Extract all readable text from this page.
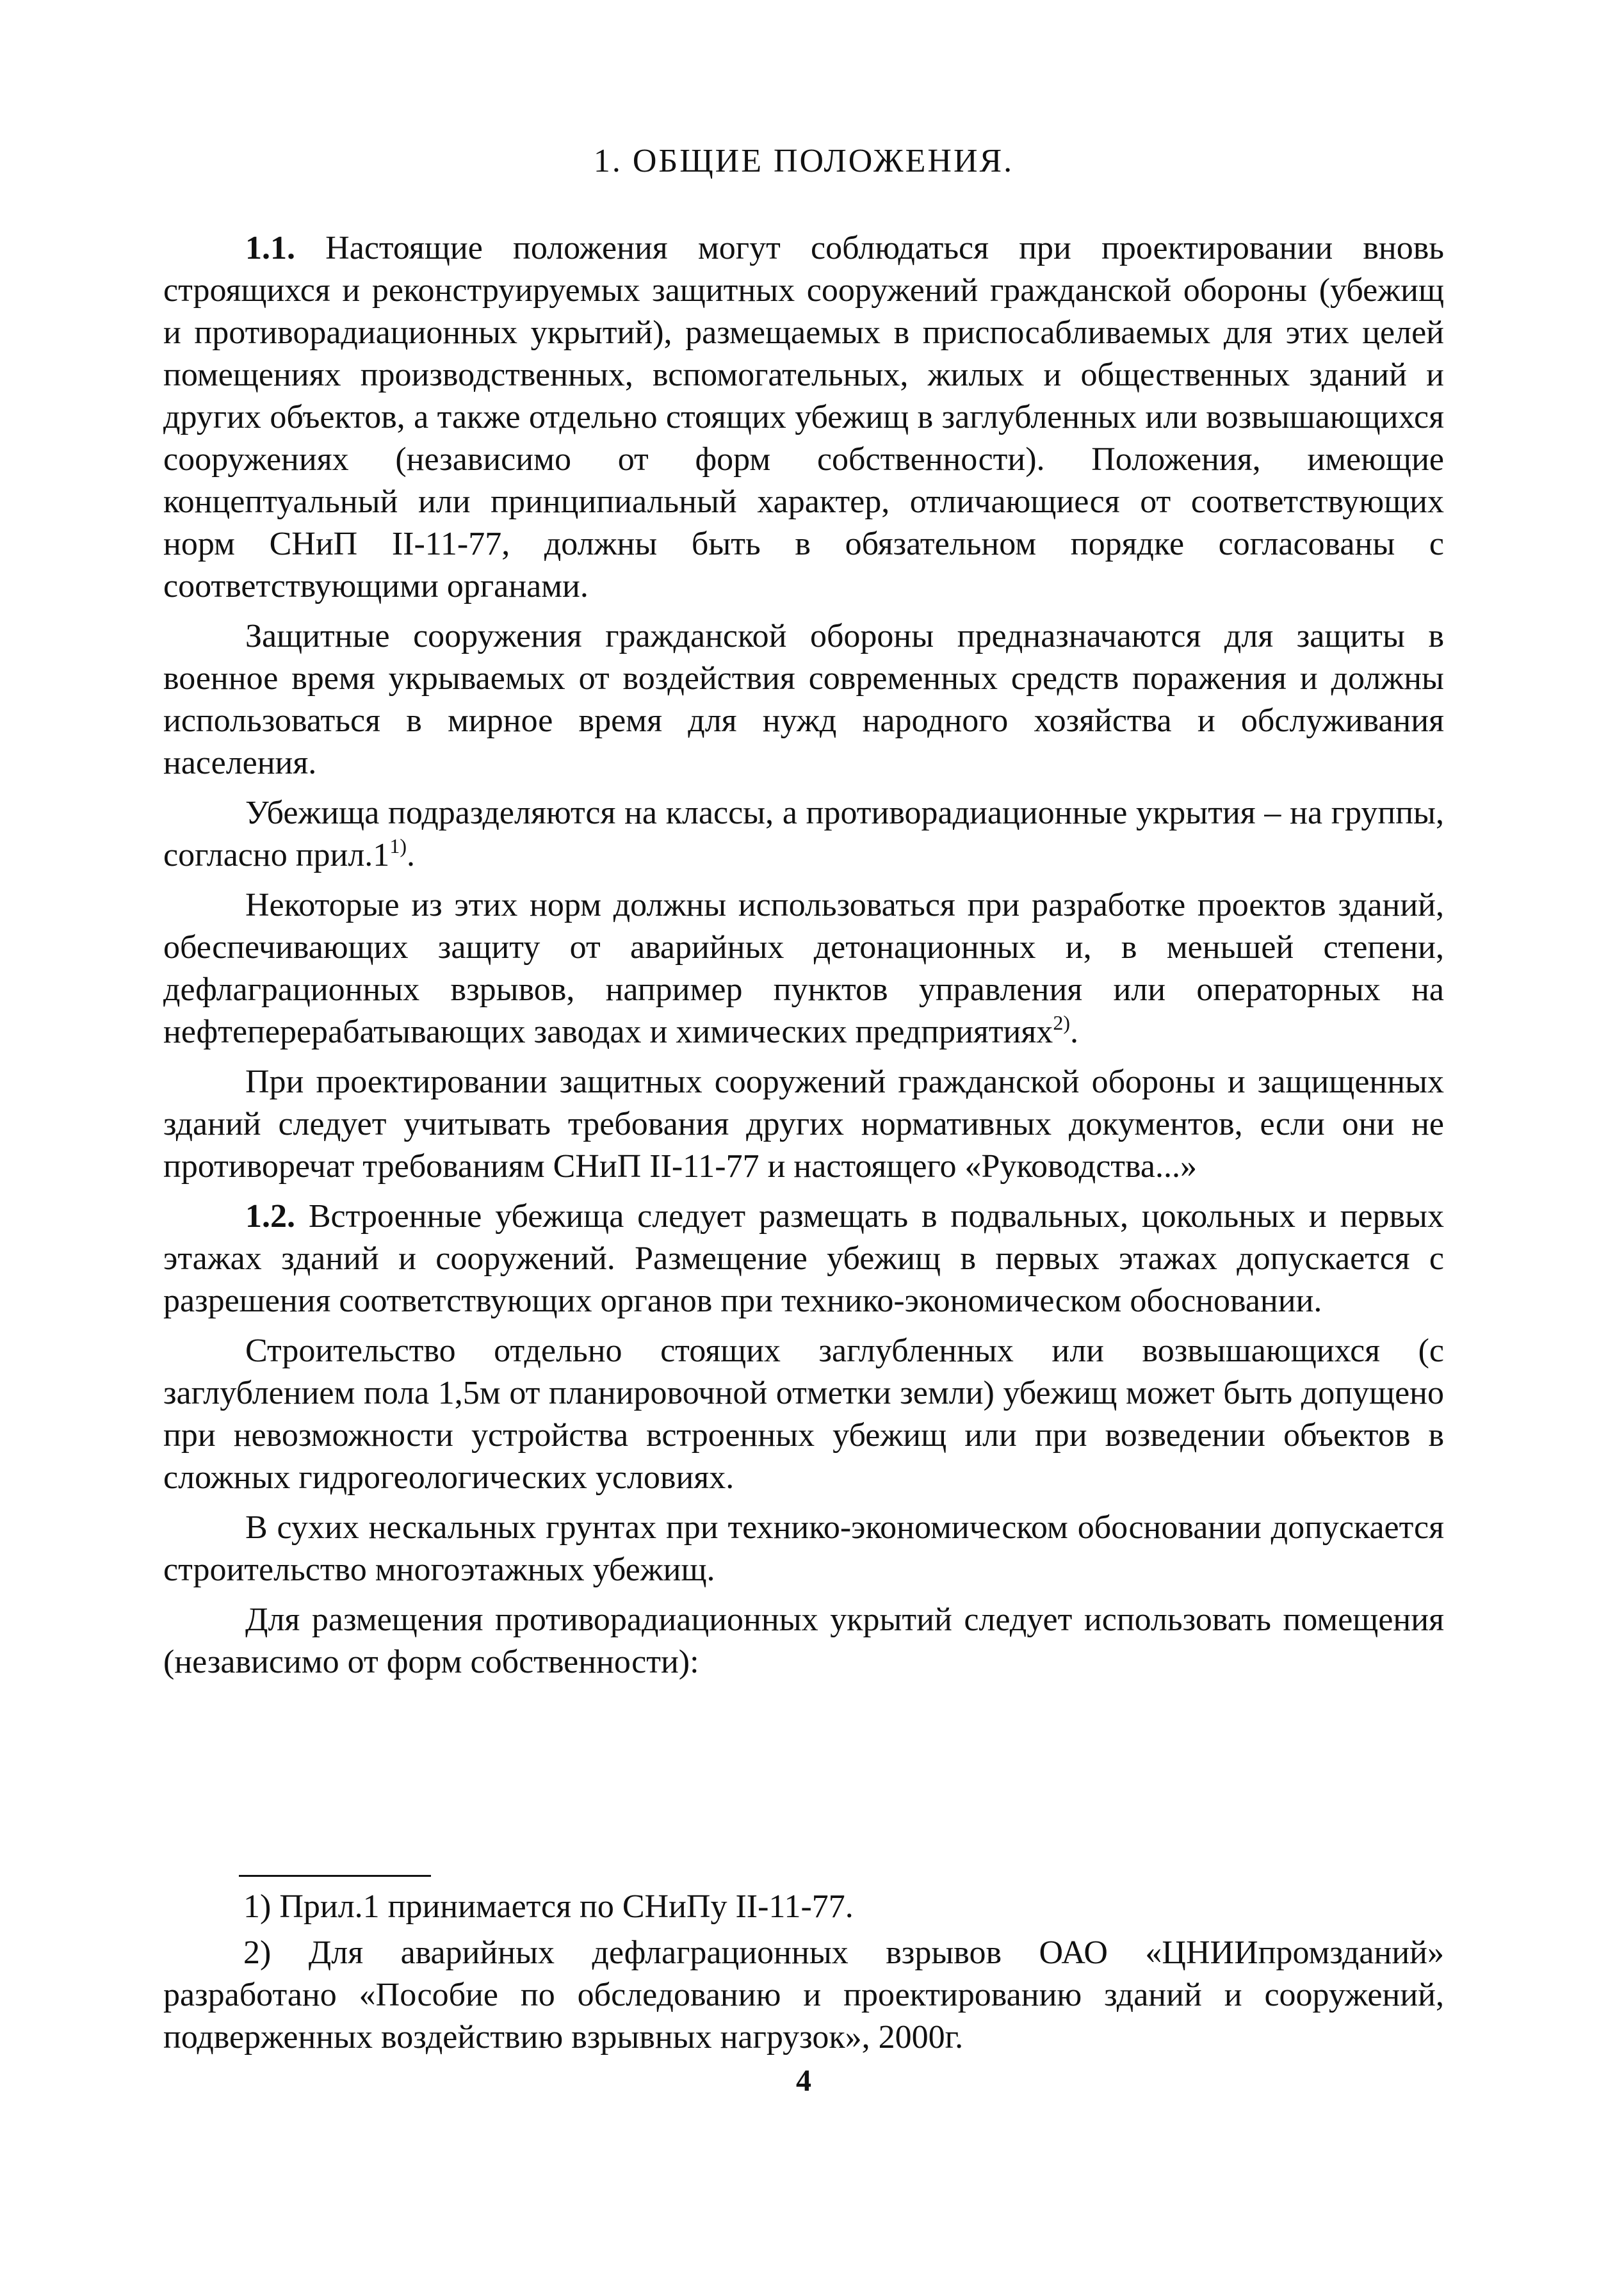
1. ОБЩИЕ ПОЛОЖЕНИЯ.

1.1. Настоящие положения могут соблюдаться при проектировании вновь строящихся и реконструируемых защитных сооружений гражданской обороны (убежищ и противорадиационных укрытий), размещаемых в приспосабливаемых для этих целей помещениях производственных, вспомогательных, жилых и общественных зданий и других объектов, а также отдельно стоящих убежищ в заглубленных или возвышающихся сооружениях (независимо от форм собственности). Положения, имеющие концептуальный или принципиальный характер, отличающиеся от соответствующих норм СНиП II-11-77, должны быть в обязательном порядке согласованы с соответствующими органами.

Защитные сооружения гражданской обороны предназначаются для защиты в военное время укрываемых от воздействия современных средств поражения и должны использоваться в мирное время для нужд народного хозяйства и обслуживания населения.

Убежища подразделяются на классы, а противорадиационные укрытия – на группы, согласно прил.1$^{1)}$.

Некоторые из этих норм должны использоваться при разработке проектов зданий, обеспечивающих защиту от аварийных детонационных и, в меньшей степени, дефлаграционных взрывов, например пунктов управления или операторных на нефтеперерабатывающих заводах и химических предприятиях$^{2)}$.

При проектировании защитных сооружений гражданской обороны и защищенных зданий следует учитывать требования других нормативных документов, если они не противоречат требованиям СНиП II-11-77 и настоящего «Руководства...»

1.2. Встроенные убежища следует размещать в подвальных, цокольных и первых этажах зданий и сооружений. Размещение убежищ в первых этажах допускается с разрешения соответствующих органов при технико-экономическом обосновании.

Строительство отдельно стоящих заглубленных или возвышающихся (с заглублением пола 1,5м от планировочной отметки земли) убежищ может быть допущено при невозможности устройства встроенных убежищ или при возведении объектов в сложных гидрогеологических условиях.

В сухих нескальных грунтах при технико-экономическом обосновании допускается строительство многоэтажных убежищ.

Для размещения противорадиационных укрытий следует использовать помещения (независимо от форм собственности):

1) Прил.1 принимается по СНиПу II-11-77.

2) Для аварийных дефлаграционных взрывов ОАО «ЦНИИпромзданий» разработано «Пособие по обследованию и проектированию зданий и сооружений, подверженных воздействию взрывных нагрузок», 2000г.

4
